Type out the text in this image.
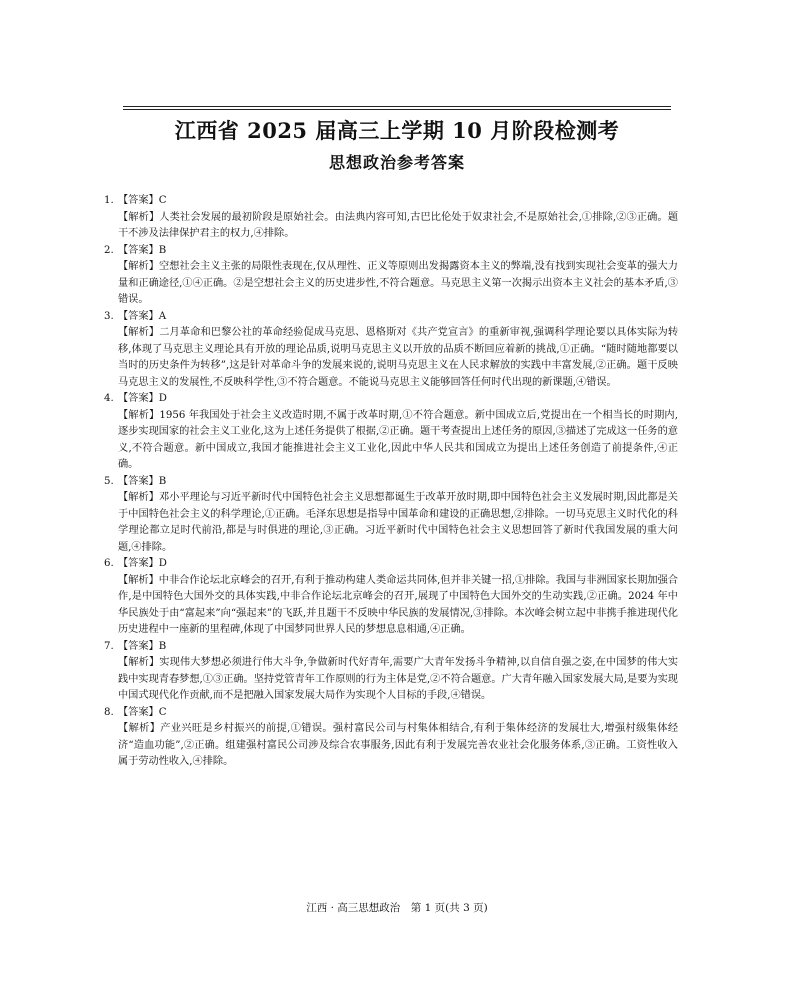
江西省 2025 届高三上学期 10 月阶段检测考
思想政治参考答案
1. 【答案】C
【解析】人类社会发展的最初阶段是原始社会。由法典内容可知,古巴比伦处于奴隶社会,不是原始社会,①排除,②③正确。题干不涉及法律保护君主的权力,④排除。
2. 【答案】B
【解析】空想社会主义主张的局限性表现在,仅从理性、正义等原则出发揭露资本主义的弊端,没有找到实现社会变革的强大力量和正确途径,①④正确。②是空想社会主义的历史进步性,不符合题意。马克思主义第一次揭示出资本主义社会的基本矛盾,③错误。
3. 【答案】A
【解析】二月革命和巴黎公社的革命经验促成马克思、恩格斯对《共产党宣言》的重新审视,强调科学理论要以具体实际为转移,体现了马克思主义理论具有开放的理论品质,说明马克思主义以开放的品质不断回应着新的挑战,①正确。“随时随地都要以当时的历史条件为转移”,这是针对革命斗争的发展来说的,说明马克思主义在人民求解放的实践中丰富发展,②正确。题干反映马克思主义的发展性,不反映科学性,③不符合题意。不能说马克思主义能够回答任何时代出现的新课题,④错误。
4. 【答案】D
【解析】1956 年我国处于社会主义改造时期,不属于改革时期,①不符合题意。新中国成立后,党提出在一个相当长的时期内,逐步实现国家的社会主义工业化,这为上述任务提供了根据,②正确。题干考查提出上述任务的原因,③描述了完成这一任务的意义,不符合题意。新中国成立,我国才能推进社会主义工业化,因此中华人民共和国成立为提出上述任务创造了前提条件,④正确。
5. 【答案】B
【解析】邓小平理论与习近平新时代中国特色社会主义思想都诞生于改革开放时期,即中国特色社会主义发展时期,因此都是关于中国特色社会主义的科学理论,①正确。毛泽东思想是指导中国革命和建设的正确思想,②排除。一切马克思主义时代化的科学理论都立足时代前沿,都是与时俱进的理论,③正确。习近平新时代中国特色社会主义思想回答了新时代我国发展的重大问题,④排除。
6. 【答案】D
【解析】中非合作论坛北京峰会的召开,有利于推动构建人类命运共同体,但并非关键一招,①排除。我国与非洲国家长期加强合作,是中国特色大国外交的具体实践,中非合作论坛北京峰会的召开,展现了中国特色大国外交的生动实践,②正确。2024 年中华民族处于由“富起来”向“强起来”的飞跃,并且题干不反映中华民族的发展情况,③排除。本次峰会树立起中非携手推进现代化历史进程中一座新的里程碑,体现了中国梦同世界人民的梦想息息相通,④正确。
7. 【答案】B
【解析】实现伟大梦想必须进行伟大斗争,争做新时代好青年,需要广大青年发扬斗争精神,以自信自强之姿,在中国梦的伟大实践中实现青春梦想,①③正确。坚持党管青年工作原则的行为主体是党,②不符合题意。广大青年融入国家发展大局,是要为实现中国式现代化作贡献,而不是把融入国家发展大局作为实现个人目标的手段,④错误。
8. 【答案】C
【解析】产业兴旺是乡村振兴的前提,①错误。强村富民公司与村集体相结合,有利于集体经济的发展壮大,增强村级集体经济“造血功能”,②正确。组建强村富民公司涉及综合农事服务,因此有利于发展完善农业社会化服务体系,③正确。工资性收入属于劳动性收入,④排除。
江西 · 高三思想政治　第 1 页(共 3 页)
